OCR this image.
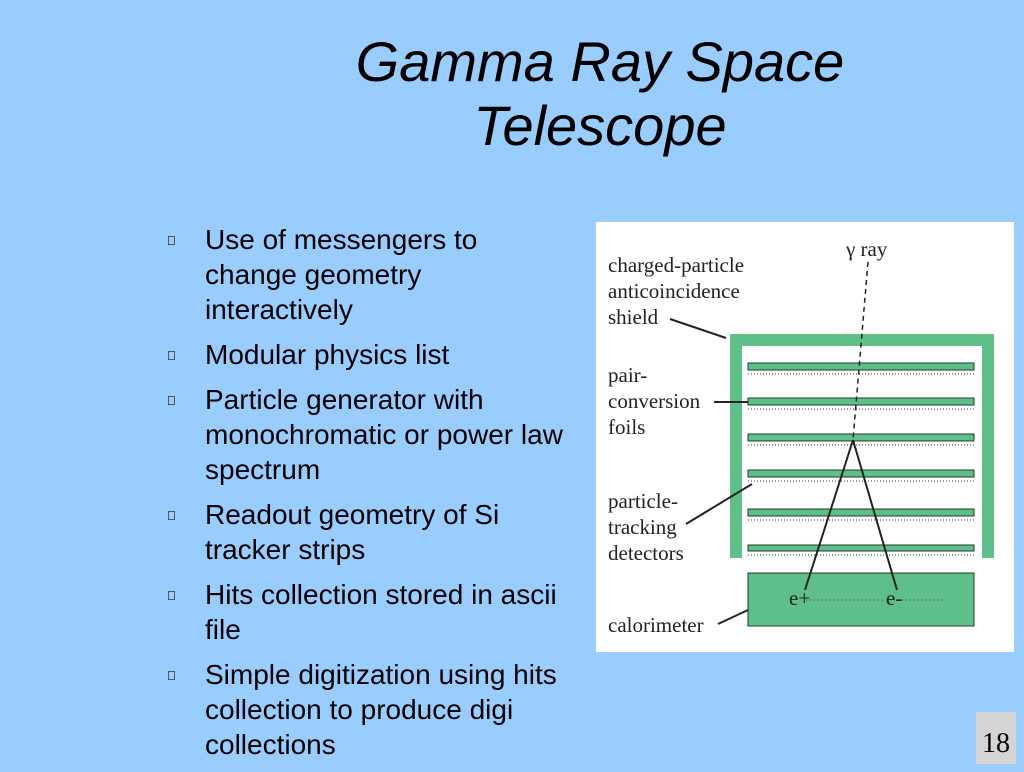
Gamma Ray Space
Telescope
Use of messengers to change geometry interactively
Modular physics list
Particle generator with monochromatic or power law spectrum
Readout geometry of Si tracker strips
Hits collection stored in ascii file
Simple digitization using hits collection to produce digi collections
γ ray
charged-particle anticoincidence shield
pair- conversion foils
particle- tracking detectors
calorimeter
e+	e-
18
